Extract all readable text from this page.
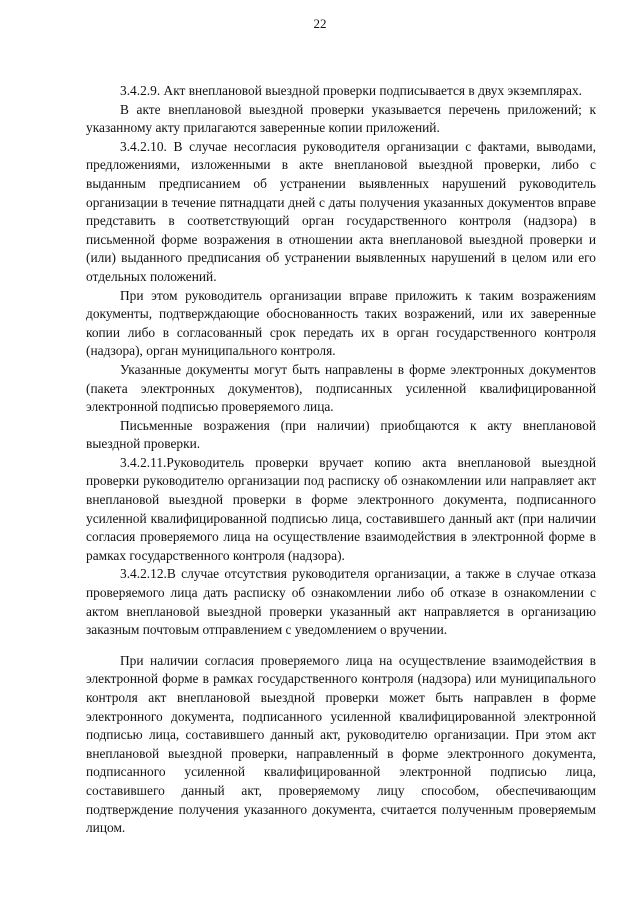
22

3.4.2.9. Акт внеплановой выездной проверки подписывается в двух экземплярах.

В акте внеплановой выездной проверки указывается перечень приложений; к указанному акту прилагаются заверенные копии приложений.

3.4.2.10. В случае несогласия руководителя организации с фактами, выводами, предложениями, изложенными в акте внеплановой выездной проверки, либо с выданным предписанием об устранении выявленных нарушений руководитель организации в течение пятнадцати дней с даты получения указанных документов вправе представить в соответствующий орган государственного контроля (надзора) в письменной форме возражения в отношении акта внеплановой выездной проверки и (или) выданного предписания об устранении выявленных нарушений в целом или его отдельных положений.

При этом руководитель организации вправе приложить к таким возражениям документы, подтверждающие обоснованность таких возражений, или их заверенные копии либо в согласованный срок передать их в орган государственного контроля (надзора), орган муниципального контроля.

Указанные документы могут быть направлены в форме электронных документов (пакета электронных документов), подписанных усиленной квалифицированной электронной подписью проверяемого лица.

Письменные возражения (при наличии) приобщаются к акту внеплановой выездной проверки.

3.4.2.11.Руководитель проверки вручает копию акта внеплановой выездной проверки руководителю организации под расписку об ознакомлении или направляет акт внеплановой выездной проверки в форме электронного документа, подписанного усиленной квалифицированной подписью лица, составившего данный акт (при наличии согласия проверяемого лица на осуществление взаимодействия в электронной форме в рамках государственного контроля (надзора).

3.4.2.12.В случае отсутствия руководителя организации, а также в случае отказа проверяемого лица дать расписку об ознакомлении либо об отказе в ознакомлении с актом внеплановой выездной проверки указанный акт направляется в организацию заказным почтовым отправлением с уведомлением о вручении.

При наличии согласия проверяемого лица на осуществление взаимодействия в электронной форме в рамках государственного контроля (надзора) или муниципального контроля акт внеплановой выездной проверки может быть направлен в форме электронного документа, подписанного усиленной квалифицированной электронной подписью лица, составившего данный акт, руководителю организации. При этом акт внеплановой выездной проверки, направленный в форме электронного документа, подписанного усиленной квалифицированной электронной подписью лица, составившего данный акт, проверяемому лицу способом, обеспечивающим подтверждение получения указанного документа, считается полученным проверяемым лицом.
